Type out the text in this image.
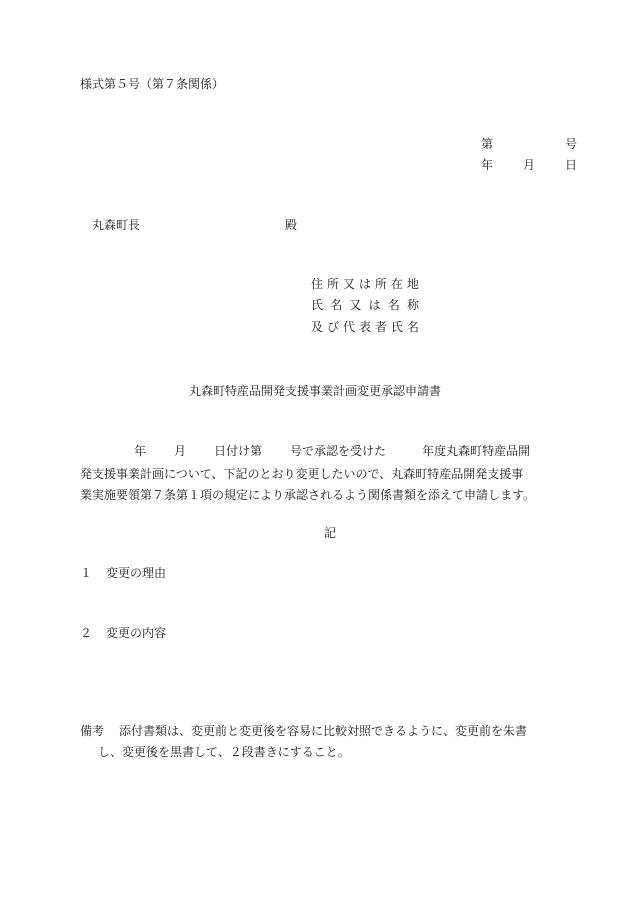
様式第５号（第７条関係）
第	号
年 月 日
丸森町長	殿
住 所 又 は 所 在 地
氏 名 又 は 名 称
及 び 代 表 者 氏 名
丸森町特産品開発支援事業計画変更承認申請書
年 月 日付け第 号で承認を受けた	年度丸森町特産品開
発支援事業計画について、下記のとおり変更したいので、丸森町特産品開発支援事
業実施要領第７条第１項の規定により承認されるよう関係書類を添えて申請します。
記
１ 変更の理由
２ 変更の内容
備考 添付書類は、変更前と変更後を容易に比較対照できるように、変更前を朱書
し、変更後を黒書して、２段書きにすること。
